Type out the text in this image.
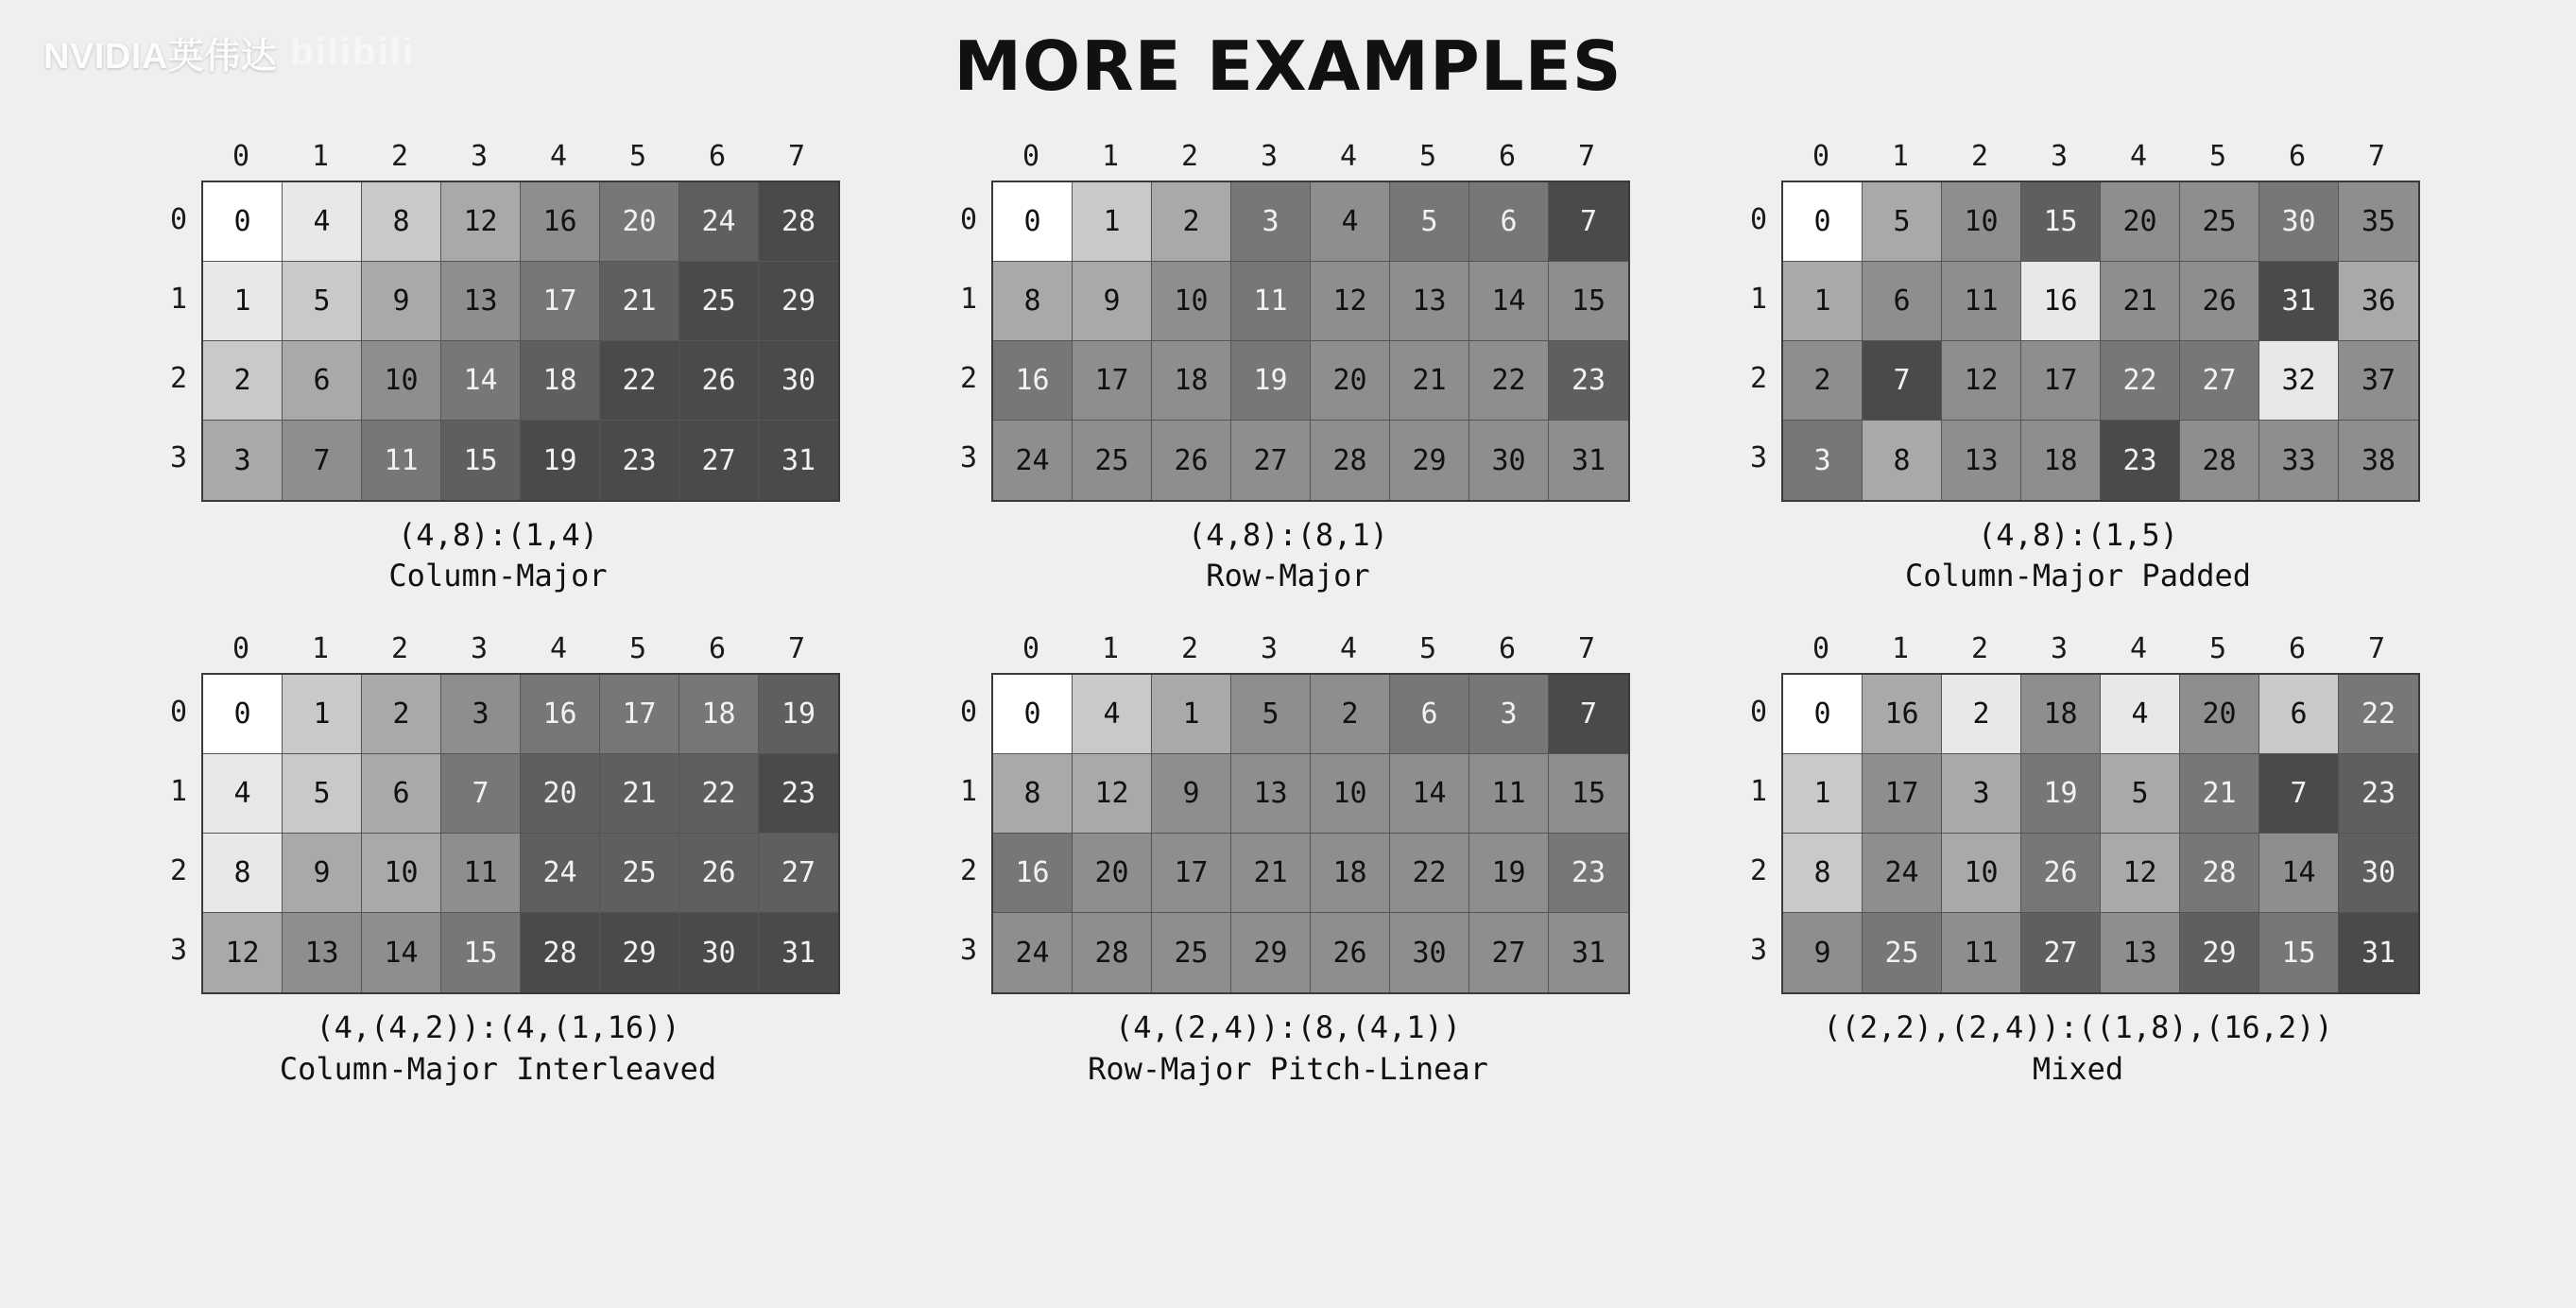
NVIDIA英伟达 bilibili	MORE EXAMPLES
0	1	2	3	4	5	6	7
0
1
2
3
0	4	8	12	16	20	24	28
1	5	9	13	17	21	25	29
2	6	10	14	18	22	26	30
3	7	11	15	19	23	27	31
(4,8):(1,4)
Column-Major
0	1	2	3	4	5	6	7
0
1
2
3
0	1	2	3	4	5	6	7
8	9	10	11	12	13	14	15
16	17	18	19	20	21	22	23
24	25	26	27	28	29	30	31
(4,8):(8,1)
Row-Major
0	1	2	3	4	5	6	7
0
1
2
3
0	5	10	15	20	25	30	35
1	6	11	16	21	26	31	36
2	7	12	17	22	27	32	37
3	8	13	18	23	28	33	38
(4,8):(1,5)
Column-Major Padded
0	1	2	3	4	5	6	7
0
1
2
3
0	1	2	3	16	17	18	19
4	5	6	7	20	21	22	23
8	9	10	11	24	25	26	27
12	13	14	15	28	29	30	31
(4,(4,2)):(4,(1,16))
Column-Major Interleaved
0	1	2	3	4	5	6	7
0
1
2
3
0	4	1	5	2	6	3	7
8	12	9	13	10	14	11	15
16	20	17	21	18	22	19	23
24	28	25	29	26	30	27	31
(4,(2,4)):(8,(4,1))
Row-Major Pitch-Linear
0	1	2	3	4	5	6	7
0
1
2
3
0	16	2	18	4	20	6	22
1	17	3	19	5	21	7	23
8	24	10	26	12	28	14	30
9	25	11	27	13	29	15	31
((2,2),(2,4)):((1,8),(16,2))
Mixed
